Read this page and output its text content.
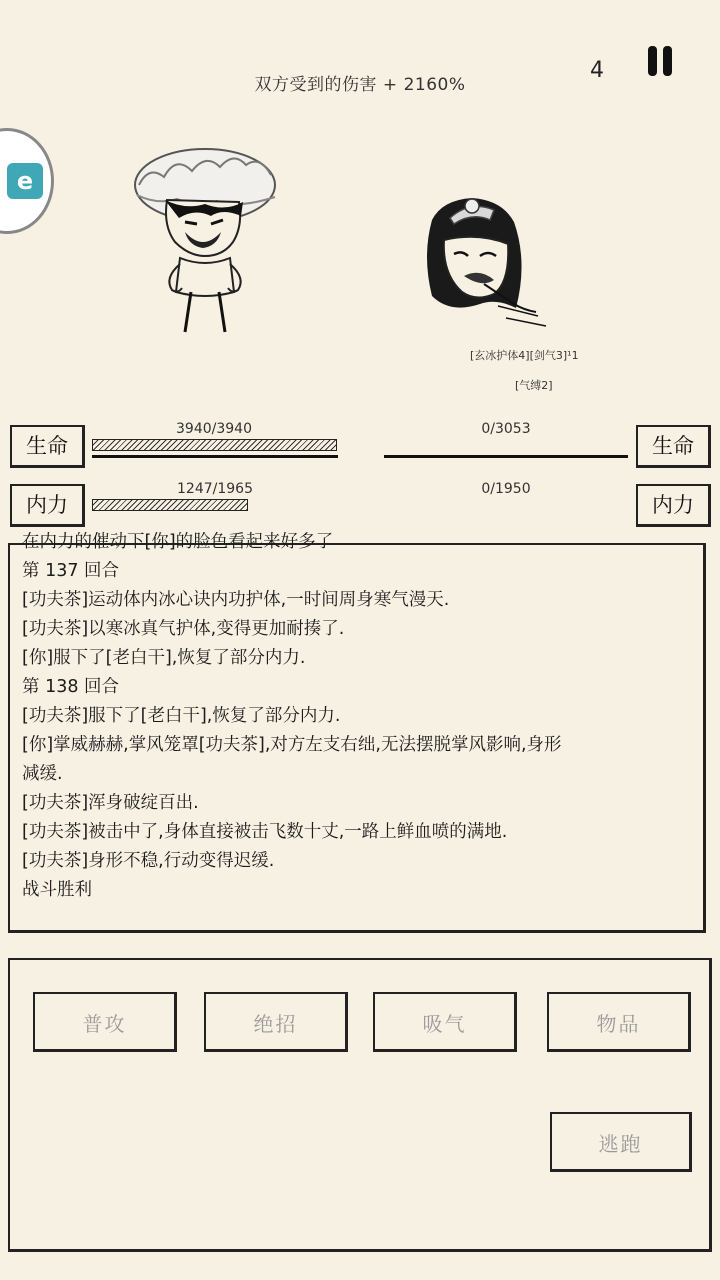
双方受到的伤害 + 2160%
4
e
[玄冰护体4][剑气3]¹1
[气缚2]
生命
3940/3940	0/3053
生命
内力
1247/1965	0/1950
内力
在内力的催动下[你]的脸色看起来好多了
第 137 回合
[功夫茶]运动体内冰心诀内功护体,一时间周身寒气漫天.
[功夫茶]以寒冰真气护体,变得更加耐揍了.
[你]服下了[老白干],恢复了部分内力.
第 138 回合
[功夫茶]服下了[老白干],恢复了部分内力.
[你]掌威赫赫,掌风笼罩[功夫茶],对方左支右绌,无法摆脱掌风影响,身形
减缓.
[功夫茶]浑身破绽百出.
[功夫茶]被击中了,身体直接被击飞数十丈,一路上鲜血喷的满地.
[功夫茶]身形不稳,行动变得迟缓.
战斗胜利
普攻	绝招	吸气	物品
逃跑
